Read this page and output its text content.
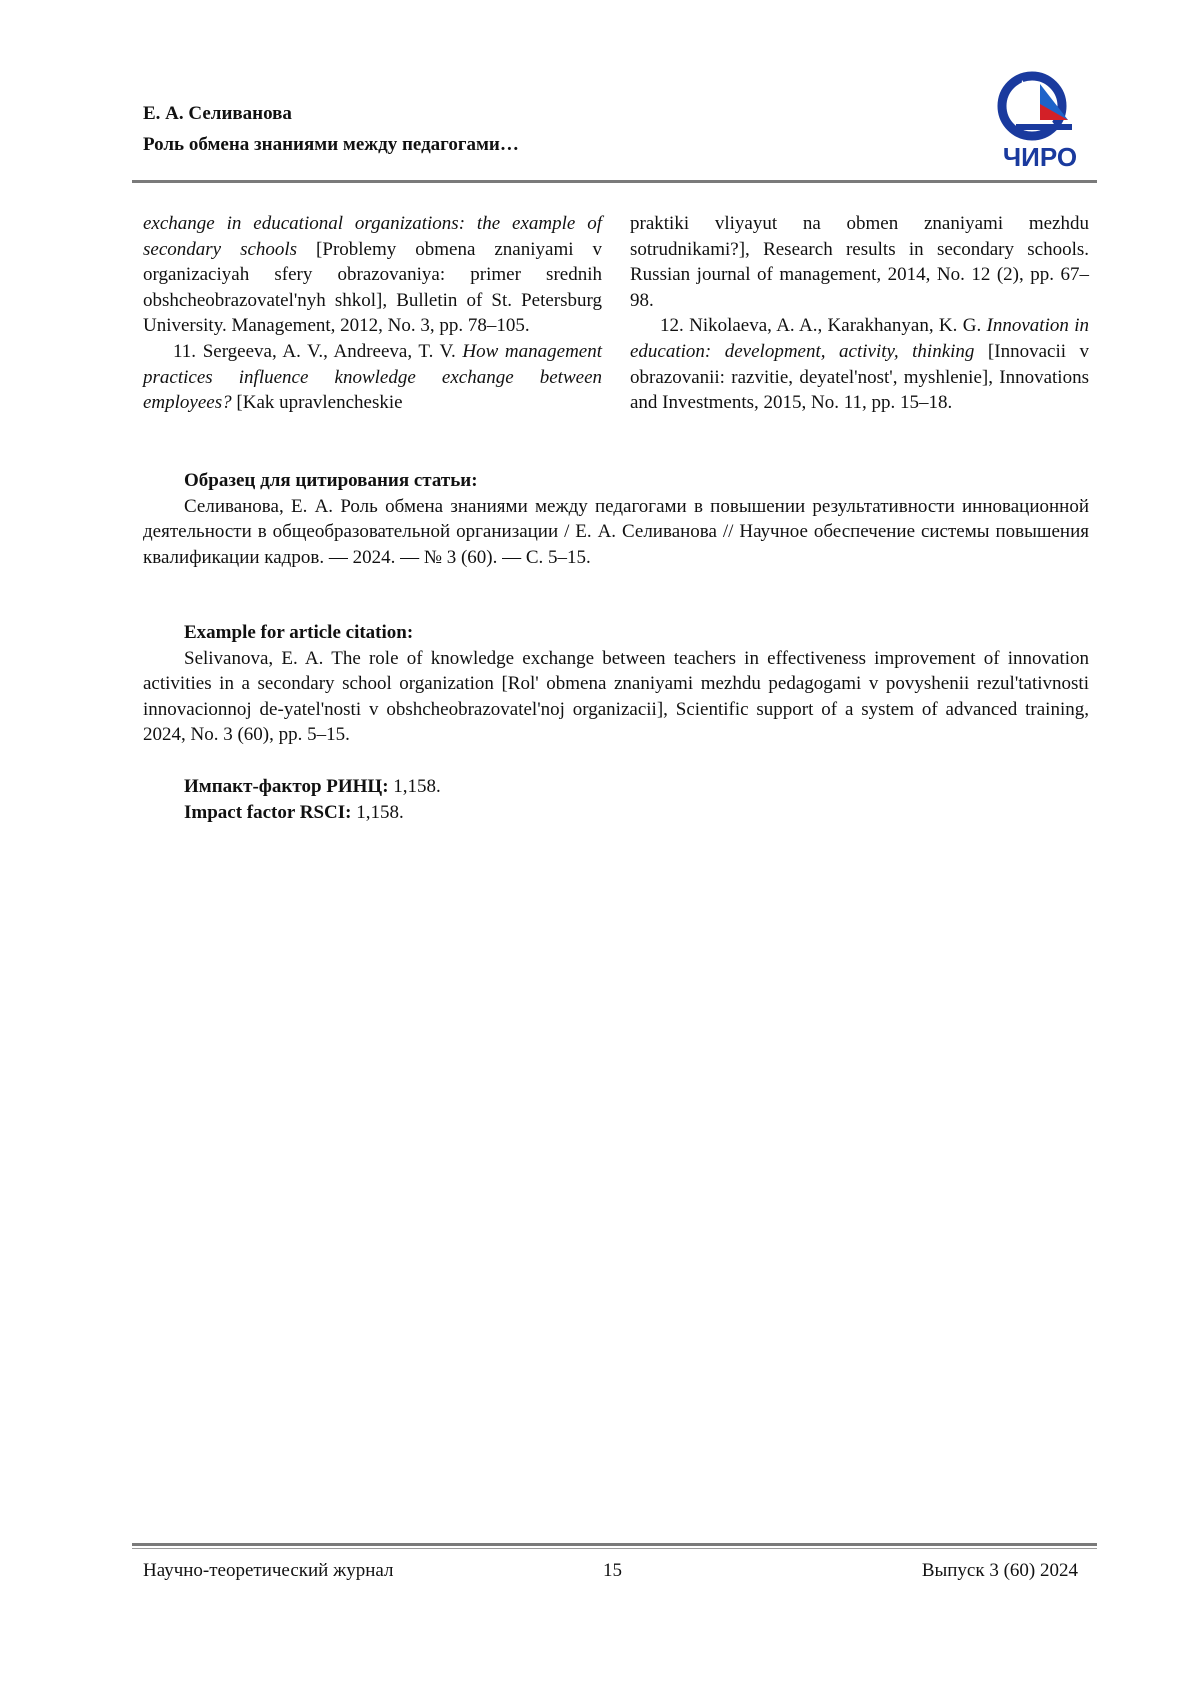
Е. А. Селиванова
Роль обмена знаниями между педагогами…	ЧИРО

exchange in educational organizations: the example of secondary schools [Problemy obmena znaniyami v organizaciyah sfery obrazovaniya: primer srednih obshcheobrazovatel'nyh shkol], Bulletin of St. Petersburg University. Management, 2012, No. 3, pp. 78–105.

11. Sergeeva, A. V., Andreeva, T. V. How management practices influence knowledge exchange between employees? [Kak upravlencheskie

praktiki vliyayut na obmen znaniyami mezhdu sotrudnikami?], Research results in secondary schools. Russian journal of management, 2014, No. 12 (2), pp. 67–98.

12. Nikolaeva, A. A., Karakhanyan, K. G. Innovation in education: development, activity, thinking [Innovacii v obrazovanii: razvitie, deyatel'nost', myshlenie], Innovations and Investments, 2015, No. 11, pp. 15–18.

Образец для цитирования статьи:

Селиванова, Е. А. Роль обмена знаниями между педагогами в повышении результативности инновационной деятельности в общеобразовательной организации / Е. А. Селиванова // Научное обеспечение системы повышения квалификации кадров. — 2024. — № 3 (60). — С. 5–15.

Example for article citation:

Selivanova, E. A. The role of knowledge exchange between teachers in effectiveness improvement of innovation activities in a secondary school organization [Rol' obmena znaniyami mezhdu pedagogami v povyshenii rezul'tativnosti innovacionnoj de-yatel'nosti v obshcheobrazovatel'noj organizacii], Scientific support of a system of advanced training, 2024, No. 3 (60), pp. 5–15.

Импакт-фактор РИНЦ: 1,158.
Impact factor RSCI: 1,158.
Научно-теоретический журнал	15	Выпуск 3 (60) 2024
